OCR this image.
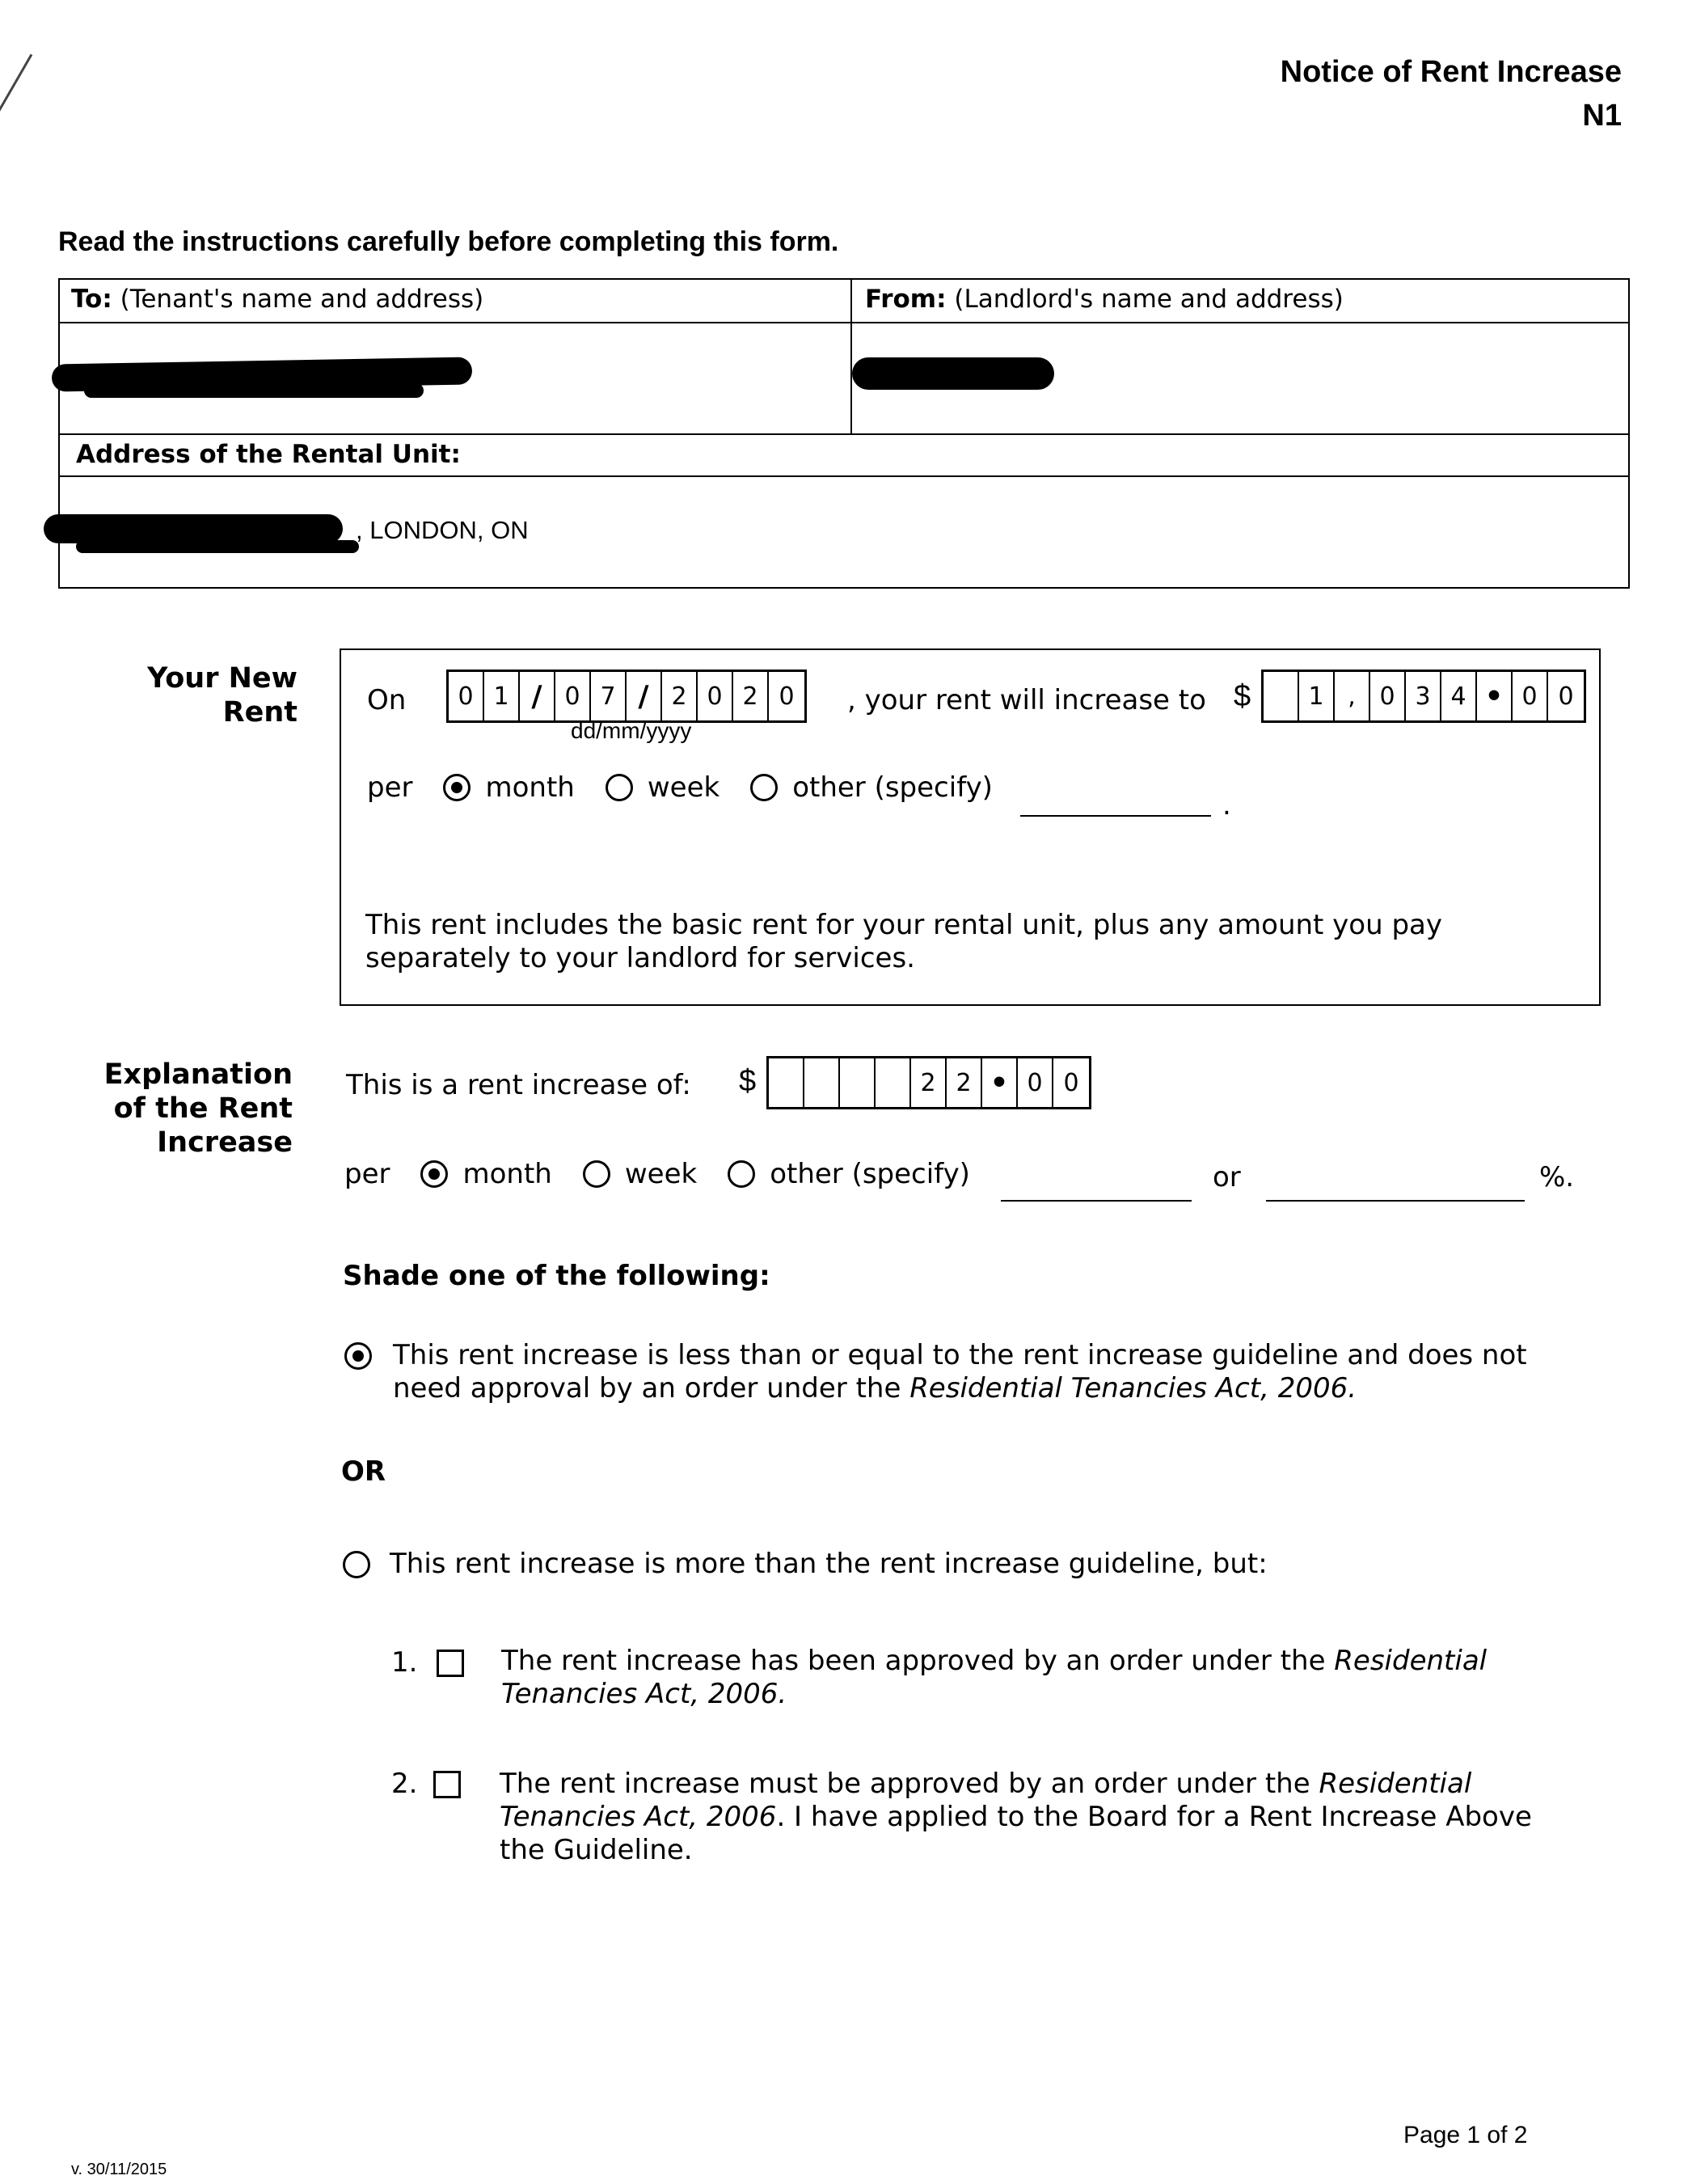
Notice of Rent Increase
N1
Read the instructions carefully before completing this form.
To: (Tenant's name and address)	From: (Landlord's name and address)
Address of the Rental Unit:
, LONDON, ON
Your New
Rent	On	0 1 / 0 7 / 2 0 2 0
dd/mm/yyyy
, your rent will increase to $	1 , 0 3 4 • 0 0
per	month	week	other (specify)
.
This rent includes the basic rent for your rental unit, plus any amount you pay
separately to your landlord for services.
Explanation
of the Rent
Increase
This is a rent increase of: $	2 2 • 0 0
per	month	week	other (specify)	or	%.
Shade one of the following:
This rent increase is less than or equal to the rent increase guideline and does not
need approval by an order under the Residential Tenancies Act, 2006.
OR
This rent increase is more than the rent increase guideline, but:
1.	The rent increase has been approved by an order under the Residential
Tenancies Act, 2006.
2.	The rent increase must be approved by an order under the Residential
Tenancies Act, 2006. I have applied to the Board for a Rent Increase Above
the Guideline.
v. 30/11/2015
Page 1 of 2
